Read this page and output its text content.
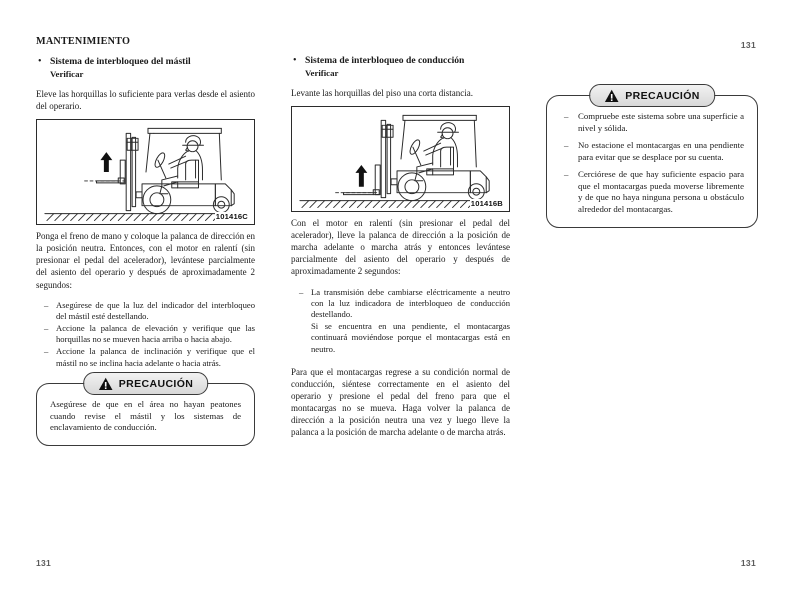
131
131	131
MANTENIMIENTO
• Sistema de interbloqueo del mástil
Verificar

Eleve las horquillas lo suficiente para verlas desde el asiento del operario.

101416C

Ponga el freno de mano y coloque la palanca de dirección en la posición neutra. Entonces, con el motor en ralentí (sin presionar el pedal del acelerador), levántese parcialmente del asiento del operario y después de aproximadamente 2 segundos:

– Asegúrese de que la luz del indicador del interbloqueo del mástil esté destellando.
– Accione la palanca de elevación y verifique que las horquillas no se mueven hacia arriba o hacia abajo.
– Accione la palanca de inclinación y verifique que el mástil no se inclina hacia adelante o hacia atrás.
PRECAUCIÓN

Asegúrese de que en el área no hayan peatones cuando revise el mástil y los sistemas de enclavamiento de conducción.

• Sistema de interbloqueo de conducción
Verificar

Levante las horquillas del piso una corta distancia.

101416B

Con el motor en ralentí (sin presionar el pedal del acelerador), lleve la palanca de dirección a la posición de marcha adelante o marcha atrás y entonces levántese parcialmente del asiento del operario y después de aproximadamente 2 segundos:

– La transmisión debe cambiarse eléctricamente a neutro con la luz indicadora de interbloqueo de conducción destellando.
Si se encuentra en una pendiente, el montacargas continuará moviéndose porque el montacargas está en neutro.

Para que el montacargas regrese a su condición normal de conducción, siéntese correctamente en el asiento del operario y presione el pedal del freno para que el montacargas no se mueva. Haga volver la palanca de dirección a la posición neutra una vez y luego lleve la palanca a la posición de marcha adelante o de marcha atrás.

PRECAUCIÓN
– Compruebe este sistema sobre una superficie a nivel y sólida.
– No estacione el montacargas en una pendiente para evitar que se desplace por su cuenta.
– Cerciórese de que hay suficiente espacio para que el montacargas pueda moverse libremente y de que no haya ninguna persona u obstáculo alrededor del montacargas.
